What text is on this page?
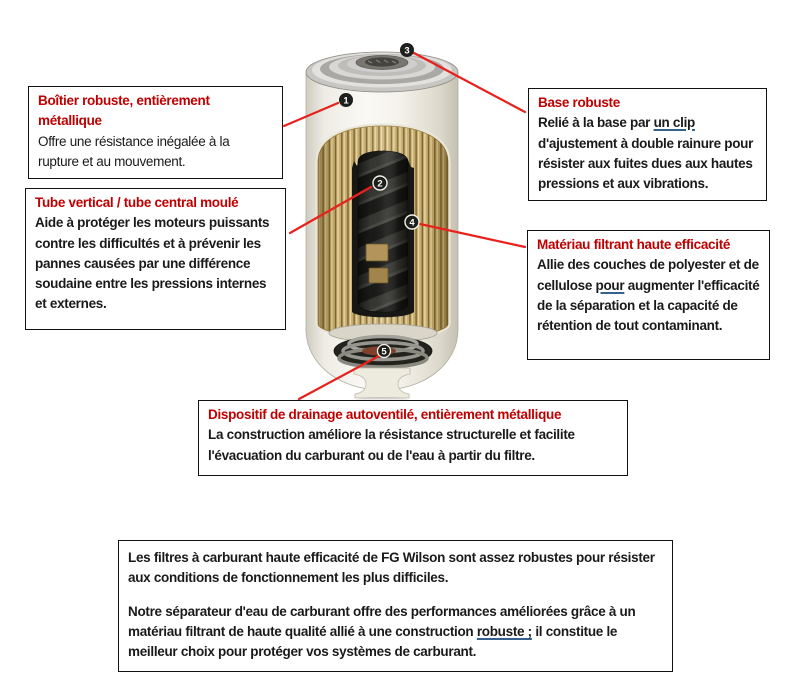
1
2
3
4
5
Boîtier robuste, entièrement métallique
Offre une résistance inégalée à la rupture et au mouvement.
Tube vertical / tube central moulé
Aide à protéger les moteurs puissants contre les difficultés et à prévenir les pannes causées par une différence soudaine entre les pressions internes et externes.
Base robuste
Relié à la base par un clip d'ajustement à double rainure pour résister aux fuites dues aux hautes pressions et aux vibrations.
Matériau filtrant haute efficacité
Allie des couches de polyester et de cellulose pour augmenter l'efficacité de la séparation et la capacité de rétention de tout contaminant.
Dispositif de drainage autoventilé, entièrement métallique
La construction améliore la résistance structurelle et facilite l'évacuation du carburant ou de l'eau à partir du filtre.

Les filtres à carburant haute efficacité de FG Wilson sont assez robustes pour résister aux conditions de fonctionnement les plus difficiles.

Notre séparateur d'eau de carburant offre des performances améliorées grâce à un matériau filtrant de haute qualité allié à une construction robuste ; il constitue le meilleur choix pour protéger vos systèmes de carburant.
